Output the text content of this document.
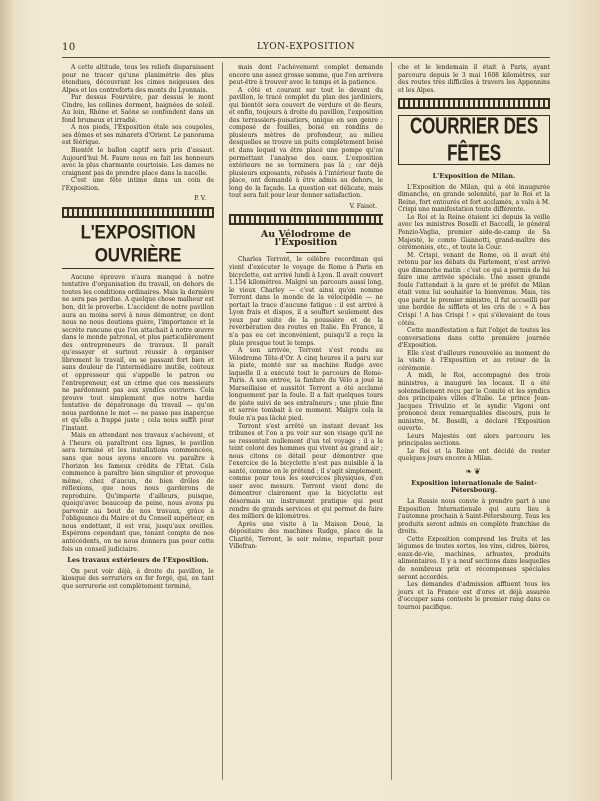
10	LYON-EXPOSITION

A cette altitude, tous les reliefs disparaissent pour ne tracer qu'une planimétrie des plus étendues, découvrant les cimes neigeuses des Alpes et les contreforts des monts du Lyonnais.

Par dessus Fourvière, par dessus le mont Cindre, les collines dorment, baignées de soleil. Au loin, Rhône et Saône se confondent dans un fond brumeux et irradié.

A nos pieds, l'Exposition étale ses coupoles, ses dômes et ses minarets d'Orient. Le panorama est féérique.

Bientôt le ballon captif sera pris d'assaut. Aujourd'hui M. Faure nous en fait les honneurs avec la plus charmante courtoisie. Les dames ne craignent pas de prendre place dans la nacelle.

C'est une fête intime dans un coin de l'Exposition.

P. V.
L'EXPOSITION OUVRIÈRE

Aucune épreuve n'aura manqué à notre tentative d'organisation du travail, en dehors de toutes les conditions ordinaires. Mais la dernière ne sera pas perdue. A quelque chose malheur est bon, dit le proverbe. L'accident de notre pavillon aura au moins servi à nous démontrer, ce dont nous ne nous doutions guère, l'importance et la secrète rancune que l'on attachait à notre œuvre dans le monde patronal, et plus particulièrement des entrepreneurs de travaux. Il paraît qu'essayer et surtout réussir à organiser librement le travail, en se passant fort bien et sans douleur de l'intermédiaire inutile, coûteux et oppresseur qui s'appelle le patron ou l'entrepreneur, est un crime que ces messieurs ne pardonnent pas aux syndics ouvriers. Cela prouve tout simplement que notre hardie tentative de dépatronage du travail — qu'on nous pardonne le mot — ne passe pas inaperçue et qu'elle a frappé juste ; cela nous suffit pour l'instant.

Mais en attendant nos travaux s'achèvent, et à l'heure où paraîtront ces lignes, le pavillon sera terminé et les installations commencées, sans que nous ayons encore vu paraître à l'horizon les fameux crédits de l'Etat. Cela commence à paraître bien singulier et provoque même, chez d'aucun, de bien drôles de réflexions, que nous nous garderons de reproduire. Qu'importe d'ailleurs, puisque, quoiqu'avec beaucoup de peine, nous avons pu parvenir au bout de nos travaux, grâce à l'obligeance du Maire et du Conseil supérieur, en nous endettant, il est vrai, jusqu'aux oreilles. Espérons cependant que, tenant compte de nos antécédents, on ne nous donnera pas pour cette fois un conseil judiciaire.

Les travaux extérieurs de l'Exposition.

On peut voir déjà, à droite du pavillon, le kiosque des serruriers en fer forgé, qui, en tant que serrurerie est complètement terminé,

mais dont l'achèvement complet demande encore une assez grosse somme, que l'on arrivera peut-être à trouver avec le temps et la patience.

A côté et courant sur tout le devant du pavillon, le tracé complet du plan des jardiniers, qui bientôt sera couvert de verdure et de fleurs, et enfin, toujours à droite du pavillon, l'exposition des terrassiers-puisatiers, unique en son genre : composé de fouilles, boisé en rondins de plusieurs mètres de profondeur, au milieu desquelles se trouve un puits complètement boisé et dans lequel va être placé une pompe qu'on permettant l'analyse des eaux. L'exposition extérieure ne se terminera pas là ; car déjà plusieurs exposants, refusés à l'intérieur faute de place, ont demandé à être admis au dehors, le long de la façade. La question est délicate, mais tout sera fait pour leur donner satisfaction.

V. Faisot.
Au Vélodrome de l'Exposition

Charles Terront, le célèbre recordman qui vient d'exécuter le voyage de Rome à Paris en bicyclette, est arrivé lundi à Lyon. Il avait couvert 1.154 kilomètres. Malgré un parcours aussi long, le vieux Charley — c'est ainsi qu'on nomme Terront dans le monde de la vélocipédie — ne portait la trace d'aucune fatigue : il est arrivé à Lyon frais et dispos, il a souffert seulement des yeux par suite de la poussière et de la reverbération des routes en Italie. En France, il n'a pas eu cet inconvénient, puisqu'il a reçu la pluie presque tout le temps.

A son arrivée, Terront s'est rendu au Vélodrome Tête-d'Or. A cinq heures il a paru sur la piste, monté sur sa machine Rudge avec laquelle il a exécuté tout le parcours de Rome-Paris. A son entrée, la fanfare du Vélo a joué la Marseillaise et aussitôt Terront a été acclamé longuement par la foule. Il a fait quelques tours de piste suivi de ses entraîneurs ; une pluie fine et serrée tombait à ce moment. Malgré cela la foule n'a pas lâché pied.

Terront s'est arrêté un instant devant les tribunes et l'on a pu voir sur son visage qu'il ne se ressentait nullement d'un tel voyage ; il a le teint coloré des hommes qui vivent au grand air ; nous citons ce détail pour démontrer que l'exercice de la bicyclette n'est pas nuisible à la santé, comme on le prétend ; il s'agit simplement, comme pour tous les exercices physiques, d'en user avec mesure. Terront vient donc de démontrer clairement que la bicyclette est désormais un instrument pratique qui peut rendre de grands services et qui permet de faire des milliers de kilomètres.

Après une visite à la Maison Doué, la dépositaire des machines Rudge, place de la Charité, Terront, le soir même, repartait pour Villefran-

che et le lendemain il était à Paris, ayant parcouru depuis le 3 mai 1608 kilomètres, sur des routes très difficiles à travers les Appennins et les Alpes.

COURRIER DES FÊTES
L'Exposition de Milan.

L'Exposition de Milan, qui a été inaugurée dimanche, en grande solennité, par le Roi et la Reine, fort entourés et fort acclamés, a valu à M. Crispi une manifestation toute différente.

Le Roi et la Reine étaient ici depuis la veille avec les ministres Boselli et Baccelli, le général Ponzio-Vaglia, premier aide-de-camp de Sa Majesté, le comte Giannotti, grand-maître des cérémonies, etc., et toute la Cour.

M. Crispi, venant de Rome, où il avait été retenu par les débats du Parlement, n'est arrivé que dimanche matin : c'est ce qui a permis de lui faire une arrivée spéciale. Une assez grande foule l'attendait à la gare et le préfet de Milan était venu lui souhaiter la bienvenue. Mais, tès que parut le premier ministre, il fut accueilli par une bordée de sifflets et les cris de : « A bas Crispi ! A bas Crispi ! » qui s'élevaient de tous côtés.

Cette manifestation a fait l'objet de toutes les conversations dans cette première journée d'Exposition.

Elle s'est d'ailleurs renouvelée au moment de la visite à l'Exposition et au retour de la cérémonie.

A midi, le Roi, accompagné des trois ministres, a inauguré les locaux. Il a été solennellement reçu par le Comité et les syndics des principales villes d'Italie. Le prince Jean-Jacques Trivulzio et le syndic Vigoni ont prononcé deux remarquables discours, puis le ministre, M. Boselli, a déclaré l'Exposition ouverte.

Leurs Majestés ont alors parcouru les principales sections.

Le Roi et la Reine ont décidé de rester quelques jours encore à Milan.

❧❦
Exposition internationale de Saint-Pétersbourg.

La Russie nous convie à prendre part à une Exposition Internationale qui aura lieu à l'automne prochain à Saint-Pétersbourg. Tous les produits seront admis en complète franchise de droits.

Cette Exposition comprend les fruits et les légumes de toutes sortes, les vins, cidres, bières, eaux-de-vie, machines, arbustes, produits alimentaires. Il y a neuf sections dans lesquelles de nombreux prix et récompenses spéciales seront accordés.

Les demandes d'admission affluent tous les jours et la France est d'ores et déjà assurée d'occuper sans conteste le premier rang dans ce tournoi pacifique.
